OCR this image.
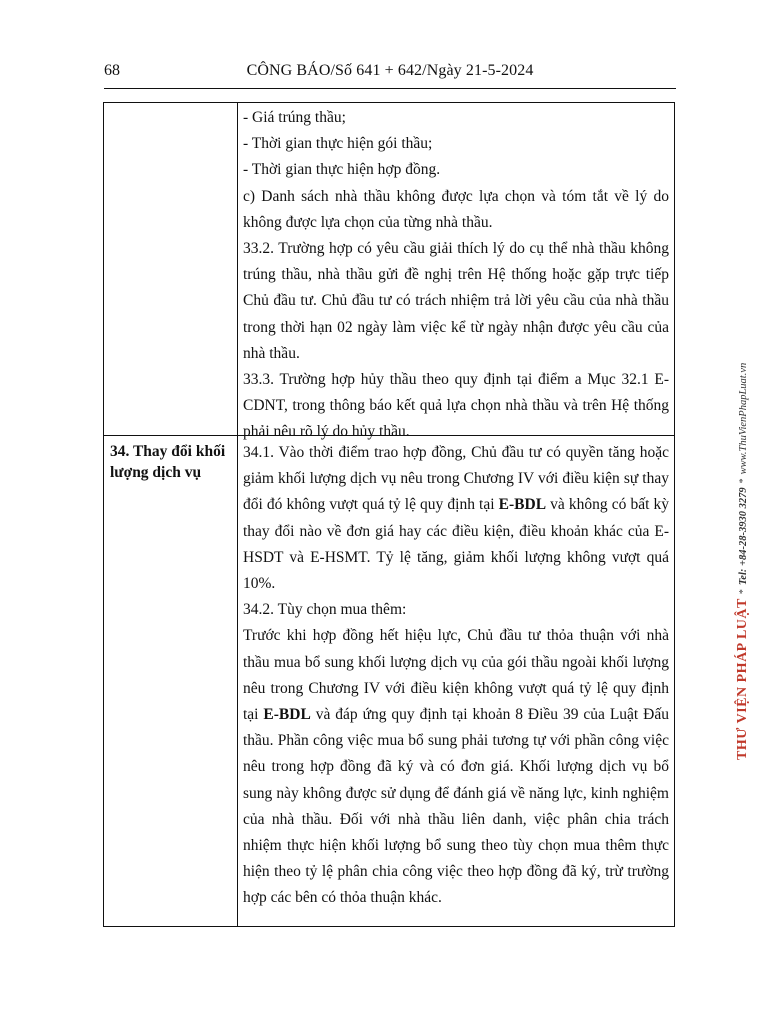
68	CÔNG BÁO/Số 641 + 642/Ngày 21-5-2024

- Giá trúng thầu;

- Thời gian thực hiện gói thầu;

- Thời gian thực hiện hợp đồng.

c) Danh sách nhà thầu không được lựa chọn và tóm tắt về lý do không được lựa chọn của từng nhà thầu.

33.2. Trường hợp có yêu cầu giải thích lý do cụ thể nhà thầu không trúng thầu, nhà thầu gửi đề nghị trên Hệ thống hoặc gặp trực tiếp Chủ đầu tư. Chủ đầu tư có trách nhiệm trả lời yêu cầu của nhà thầu trong thời hạn 02 ngày làm việc kể từ ngày nhận được yêu cầu của nhà thầu.

33.3. Trường hợp hủy thầu theo quy định tại điểm a Mục 32.1 E-CDNT, trong thông báo kết quả lựa chọn nhà thầu và trên Hệ thống phải nêu rõ lý do hủy thầu.

34. Thay đổi khối lượng dịch vụ

34.1. Vào thời điểm trao hợp đồng, Chủ đầu tư có quyền tăng hoặc giảm khối lượng dịch vụ nêu trong Chương IV với điều kiện sự thay đổi đó không vượt quá tỷ lệ quy định tại E-BDL và không có bất kỳ thay đổi nào về đơn giá hay các điều kiện, điều khoản khác của E-HSDT và E-HSMT. Tỷ lệ tăng, giảm khối lượng không vượt quá 10%.

34.2. Tùy chọn mua thêm:

Trước khi hợp đồng hết hiệu lực, Chủ đầu tư thỏa thuận với nhà thầu mua bổ sung khối lượng dịch vụ của gói thầu ngoài khối lượng nêu trong Chương IV với điều kiện không vượt quá tỷ lệ quy định tại E-BDL và đáp ứng quy định tại khoản 8 Điều 39 của Luật Đấu thầu. Phần công việc mua bổ sung phải tương tự với phần công việc nêu trong hợp đồng đã ký và có đơn giá. Khối lượng dịch vụ bổ sung này không được sử dụng để đánh giá về năng lực, kinh nghiệm của nhà thầu. Đối với nhà thầu liên danh, việc phân chia trách nhiệm thực hiện khối lượng bổ sung theo tùy chọn mua thêm thực hiện theo tỷ lệ phân chia công việc theo hợp đồng đã ký, trừ trường hợp các bên có thỏa thuận khác.

THƯ VIỆN PHÁP LUẬT * Tel: +84-28-3930 3279 * www.ThuVienPhapLuat.vn
